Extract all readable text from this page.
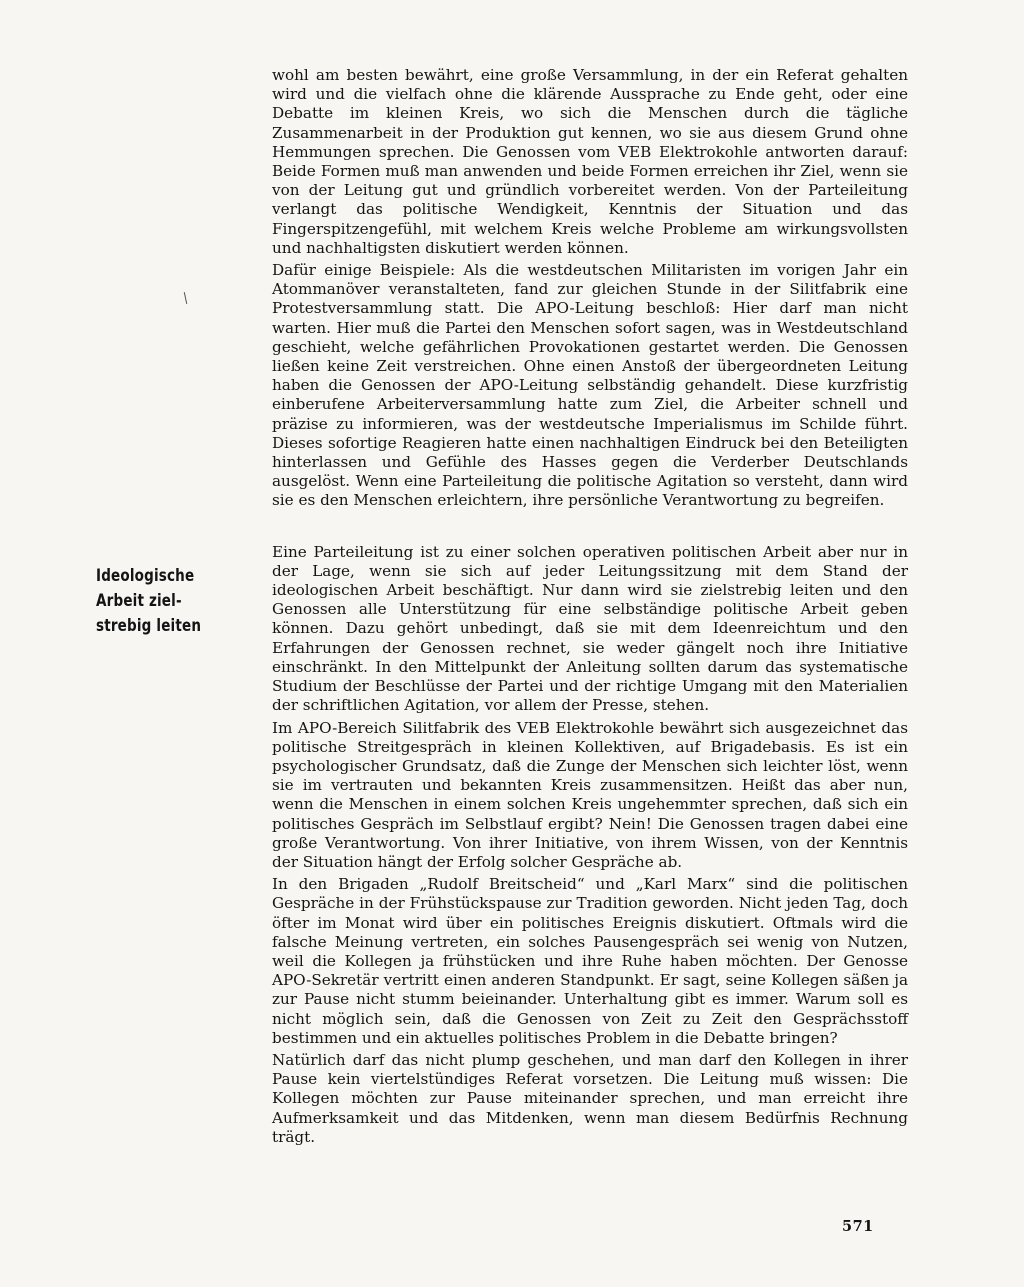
Ideologische
Arbeit ziel-
strebig leiten

wohl am besten bewährt, eine große Versammlung, in der ein Referat gehalten wird und die vielfach ohne die klärende Aussprache zu Ende geht, oder eine Debatte im kleinen Kreis, wo sich die Menschen durch die tägliche Zusammenarbeit in der Produktion gut kennen, wo sie aus diesem Grund ohne Hemmungen sprechen. Die Genossen vom VEB Elektrokohle antworten darauf: Beide Formen muß man anwenden und beide Formen erreichen ihr Ziel, wenn sie von der Leitung gut und gründlich vorbereitet werden. Von der Parteileitung verlangt das politische Wendigkeit, Kenntnis der Situation und das Fingerspitzengefühl, mit welchem Kreis welche Probleme am wirkungsvollsten und nachhaltigsten diskutiert werden können.

Dafür einige Beispiele: Als die westdeutschen Militaristen im vorigen Jahr ein Atommanöver veranstalteten, fand zur gleichen Stunde in der Silitfabrik eine Protestversammlung statt. Die APO-Leitung beschloß: Hier darf man nicht warten. Hier muß die Partei den Menschen sofort sagen, was in Westdeutschland geschieht, welche gefährlichen Provokationen gestartet werden. Die Genossen ließen keine Zeit verstreichen. Ohne einen Anstoß der übergeordneten Leitung haben die Genossen der APO-Leitung selbständig gehandelt. Diese kurzfristig einberufene Arbeiterversammlung hatte zum Ziel, die Arbeiter schnell und präzise zu informieren, was der westdeutsche Imperialismus im Schilde führt. Dieses sofortige Reagieren hatte einen nachhaltigen Eindruck bei den Beteiligten hinterlassen und Gefühle des Hasses gegen die Verderber Deutschlands ausgelöst. Wenn eine Parteileitung die politische Agitation so versteht, dann wird sie es den Menschen erleichtern, ihre persönliche Verantwortung zu begreifen.

Eine Parteileitung ist zu einer solchen operativen politischen Arbeit aber nur in der Lage, wenn sie sich auf jeder Leitungssitzung mit dem Stand der ideologischen Arbeit beschäftigt. Nur dann wird sie zielstrebig leiten und den Genossen alle Unterstützung für eine selbständige politische Arbeit geben können. Dazu gehört unbedingt, daß sie mit dem Ideenreichtum und den Erfahrungen der Genossen rechnet, sie weder gängelt noch ihre Initiative einschränkt. In den Mittelpunkt der Anleitung sollten darum das systematische Studium der Beschlüsse der Partei und der richtige Umgang mit den Materialien der schriftlichen Agitation, vor allem der Presse, stehen.

Im APO-Bereich Silitfabrik des VEB Elektrokohle bewährt sich ausgezeichnet das politische Streitgespräch in kleinen Kollektiven, auf Brigadebasis. Es ist ein psychologischer Grundsatz, daß die Zunge der Menschen sich leichter löst, wenn sie im vertrauten und bekannten Kreis zusammensitzen. Heißt das aber nun, wenn die Menschen in einem solchen Kreis ungehemmter sprechen, daß sich ein politisches Gespräch im Selbstlauf ergibt? Nein! Die Genossen tragen dabei eine große Verantwortung. Von ihrer Initiative, von ihrem Wissen, von der Kenntnis der Situation hängt der Erfolg solcher Gespräche ab.

In den Brigaden „Rudolf Breitscheid“ und „Karl Marx“ sind die politischen Gespräche in der Frühstückspause zur Tradition geworden. Nicht jeden Tag, doch öfter im Monat wird über ein politisches Ereignis diskutiert. Oftmals wird die falsche Meinung vertreten, ein solches Pausengespräch sei wenig von Nutzen, weil die Kollegen ja frühstücken und ihre Ruhe haben möchten. Der Genosse APO-Sekretär vertritt einen anderen Standpunkt. Er sagt, seine Kollegen säßen ja zur Pause nicht stumm beieinander. Unterhaltung gibt es immer. Warum soll es nicht möglich sein, daß die Genossen von Zeit zu Zeit den Gesprächsstoff bestimmen und ein aktuelles politisches Problem in die Debatte bringen?

Natürlich darf das nicht plump geschehen, und man darf den Kollegen in ihrer Pause kein viertelstündiges Referat vorsetzen. Die Leitung muß wissen: Die Kollegen möchten zur Pause miteinander sprechen, und man erreicht ihre Aufmerksamkeit und das Mitdenken, wenn man diesem Bedürfnis Rechnung trägt.

571
